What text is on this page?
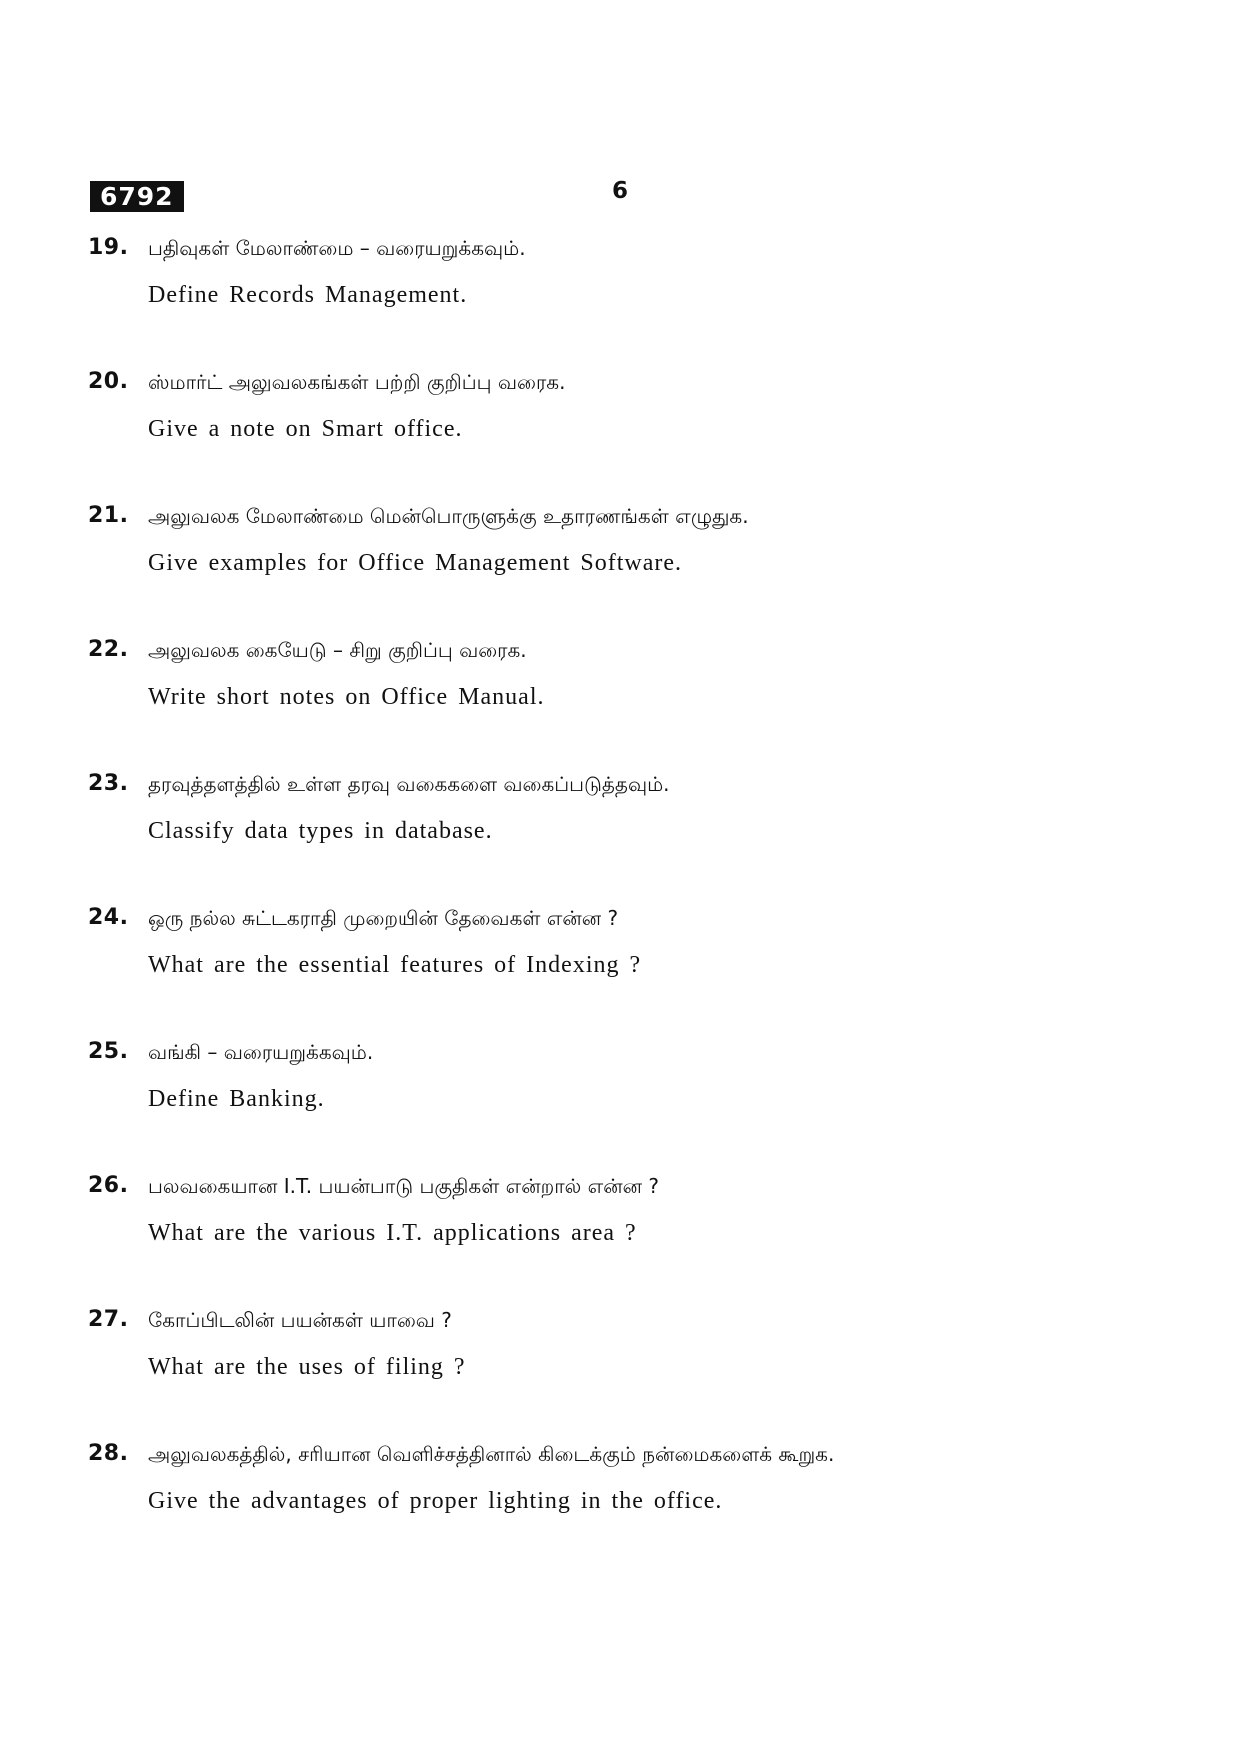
6792	6
19. பதிவுகள் மேலாண்மை – வரையறுக்கவும்.
Define Records Management.
20. ஸ்மார்ட் அலுவலகங்கள் பற்றி குறிப்பு வரைக.
Give a note on Smart office.
21. அலுவலக மேலாண்மை மென்பொருளுக்கு உதாரணங்கள் எழுதுக.
Give examples for Office Management Software.
22. அலுவலக கையேடு – சிறு குறிப்பு வரைக.
Write short notes on Office Manual.
23. தரவுத்தளத்தில் உள்ள தரவு வகைகளை வகைப்படுத்தவும்.
Classify data types in database.
24. ஒரு நல்ல சுட்டகராதி முறையின் தேவைகள் என்ன ?
What are the essential features of Indexing ?
25. வங்கி – வரையறுக்கவும்.
Define Banking.
26. பலவகையான I.T. பயன்பாடு பகுதிகள் என்றால் என்ன ?
What are the various I.T. applications area ?
27. கோப்பிடலின் பயன்கள் யாவை ?
What are the uses of filing ?
28. அலுவலகத்தில், சரியான வெளிச்சத்தினால் கிடைக்கும் நன்மைகளைக் கூறுக.
Give the advantages of proper lighting in the office.
